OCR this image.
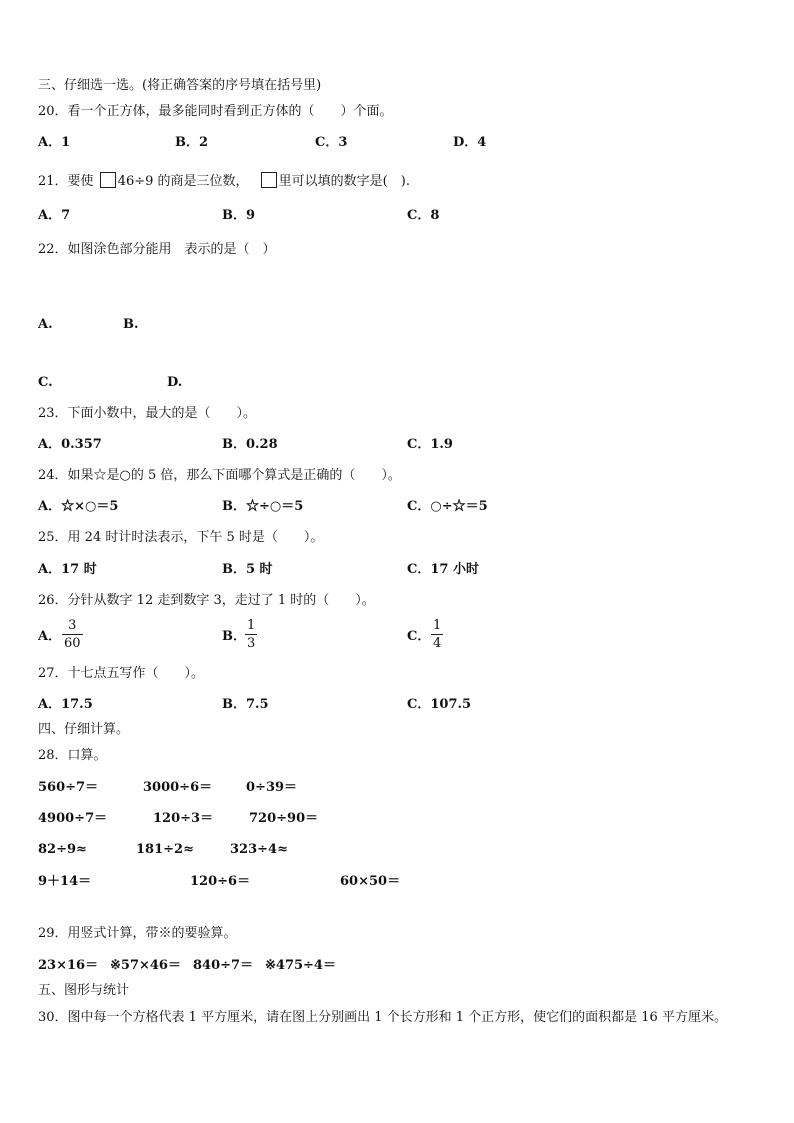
三、仔细选一选。(将正确答案的序号填在括号里)
20．看一个正方体，最多能同时看到正方体的（　　）个面。
A．1	B．2	C．3	D．4
21．要使 46÷9 的商是三位数， 里可以填的数字是(　).
A．7	B．9	C．8
22．如图涂色部分能用　表示的是（　）
A.	B.
C.	D.
23．下面小数中，最大的是（　　）。
A．0.357	B．0.28	C．1.9
24．如果☆是○的 5 倍，那么下面哪个算式是正确的（　　）。
A．☆×○＝5	B．☆÷○＝5	C．○÷☆＝5
25．用 24 时计时法表示，下午 5 时是（　　）。
A．17 时	B．5 时	C．17 小时
26．分针从数字 12 走到数字 3，走过了 1 时的（　　）。
A．
3
60	B．
1
3	C．
1
4
27．十七点五写作（　　）。
A．17.5	B．7.5	C．107.5
四、仔细计算。
28．口算。
560÷7＝	3000÷6＝	0÷39＝
4900÷7＝	120÷3＝	720÷90＝
82÷9≈	181÷2≈	323÷4≈
9＋14＝	120÷6＝	60×50＝
29．用竖式计算，带※的要验算。
23×16＝ ※57×46＝ 840÷7＝ ※475÷4＝
五、图形与统计
30．图中每一个方格代表 1 平方厘米，请在图上分别画出 1 个长方形和 1 个正方形，使它们的面积都是 16 平方厘米。
